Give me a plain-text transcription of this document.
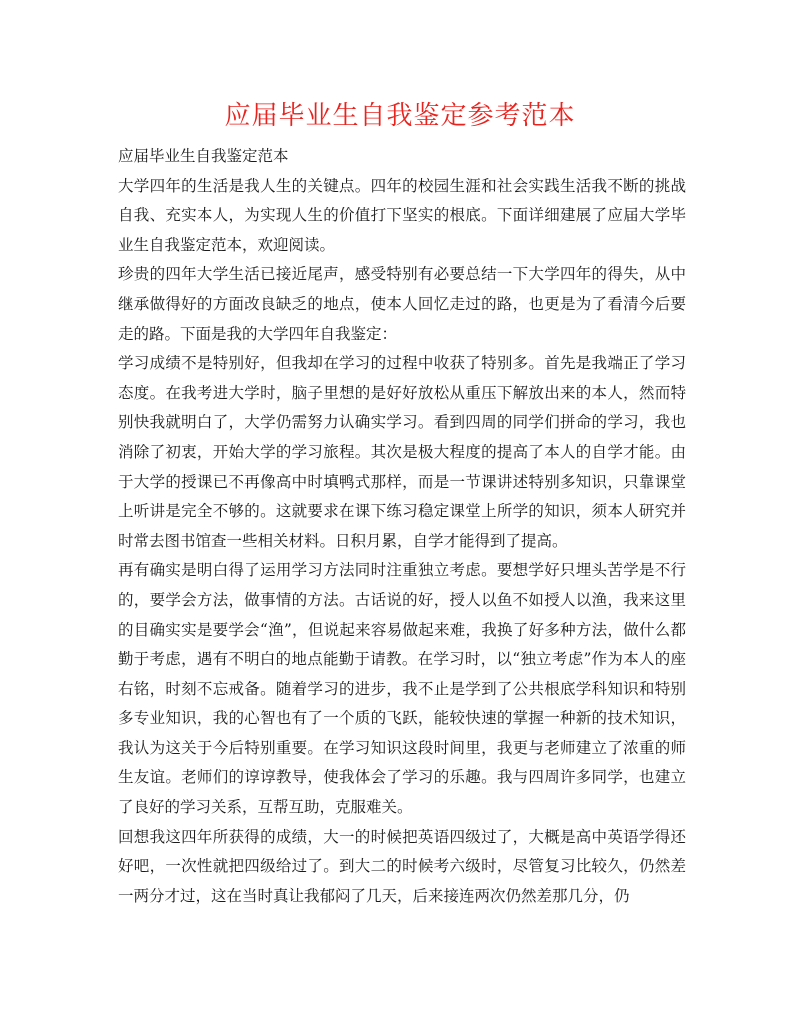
应届毕业生自我鉴定参考范本

应届毕业生自我鉴定范本

大学四年的生活是我人生的关键点。四年的校园生涯和社会实践生活我不断的挑战自我、充实本人，为实现人生的价值打下坚实的根底。下面详细建展了应届大学毕业生自我鉴定范本，欢迎阅读。

珍贵的四年大学生活已接近尾声，感受特别有必要总结一下大学四年的得失，从中继承做得好的方面改良缺乏的地点，使本人回忆走过的路，也更是为了看清今后要走的路。下面是我的大学四年自我鉴定：

学习成绩不是特别好，但我却在学习的过程中收获了特别多。首先是我端正了学习态度。在我考进大学时，脑子里想的是好好放松从重压下解放出来的本人，然而特别快我就明白了，大学仍需努力认确实学习。看到四周的同学们拼命的学习，我也消除了初衷，开始大学的学习旅程。其次是极大程度的提高了本人的自学才能。由于大学的授课已不再像高中时填鸭式那样，而是一节课讲述特别多知识，只靠课堂上听讲是完全不够的。这就要求在课下练习稳定课堂上所学的知识，须本人研究并时常去图书馆查一些相关材料。日积月累，自学才能得到了提高。

再有确实是明白得了运用学习方法同时注重独立考虑。要想学好只埋头苦学是不行的，要学会方法，做事情的方法。古话说的好，授人以鱼不如授人以渔，我来这里的目确实实是要学会“渔”，但说起来容易做起来难，我换了好多种方法，做什么都勤于考虑，遇有不明白的地点能勤于请教。在学习时，以“独立考虑”作为本人的座右铭，时刻不忘戒备。随着学习的进步，我不止是学到了公共根底学科知识和特别多专业知识，我的心智也有了一个质的飞跃，能较快速的掌握一种新的技术知识，我认为这关于今后特别重要。在学习知识这段时间里，我更与老师建立了浓重的师生友谊。老师们的谆谆教导，使我体会了学习的乐趣。我与四周许多同学，也建立了良好的学习关系，互帮互助，克服难关。

回想我这四年所获得的成绩，大一的时候把英语四级过了，大概是高中英语学得还好吧，一次性就把四级给过了。到大二的时候考六级时，尽管复习比较久，仍然差一两分才过，这在当时真让我郁闷了几天，后来接连两次仍然差那几分，仍
